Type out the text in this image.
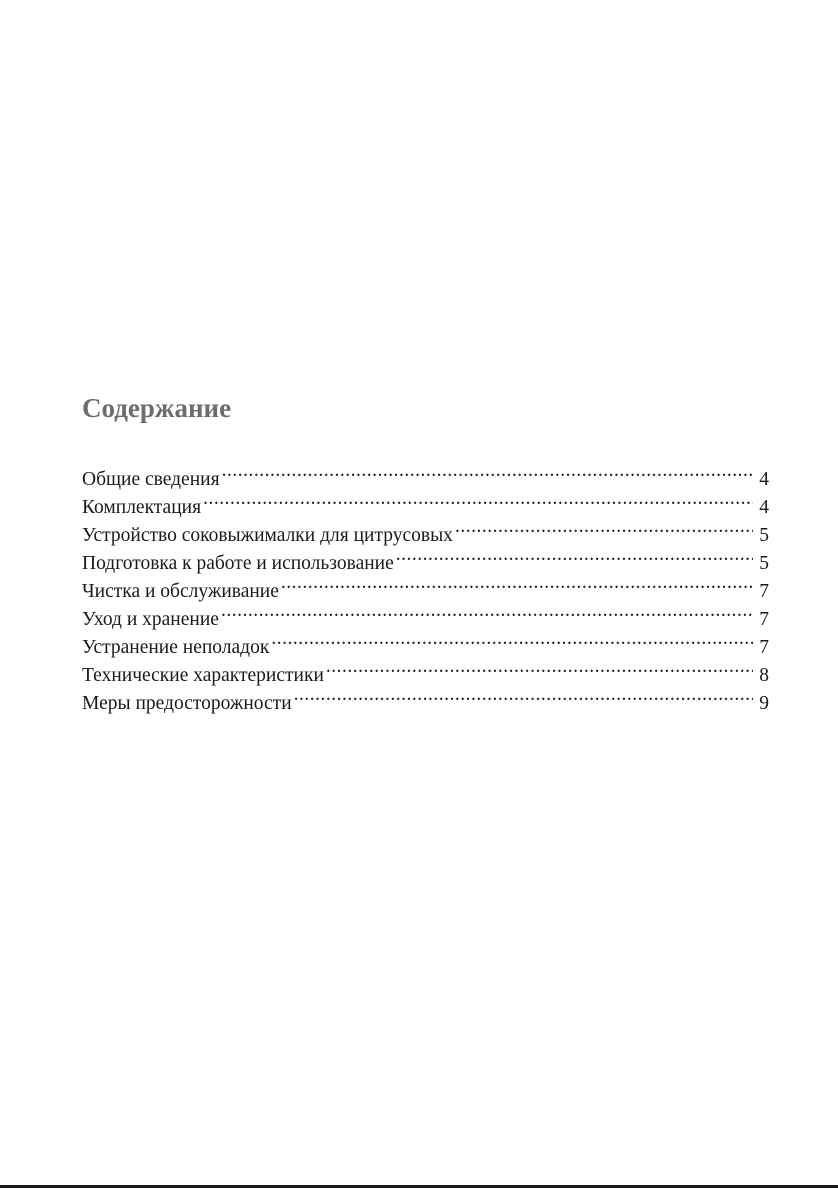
Содержание
Общие сведения .....	4
Комплектация .....	4
Устройство соковыжималки для цитрусовых .....	5
Подготовка к работе и использование .....	5
Чистка и обслуживание .....	7
Уход и хранение .....	7
Устранение неполадок .....	7
Технические характеристики .....	8
Меры предосторожности .....	9
